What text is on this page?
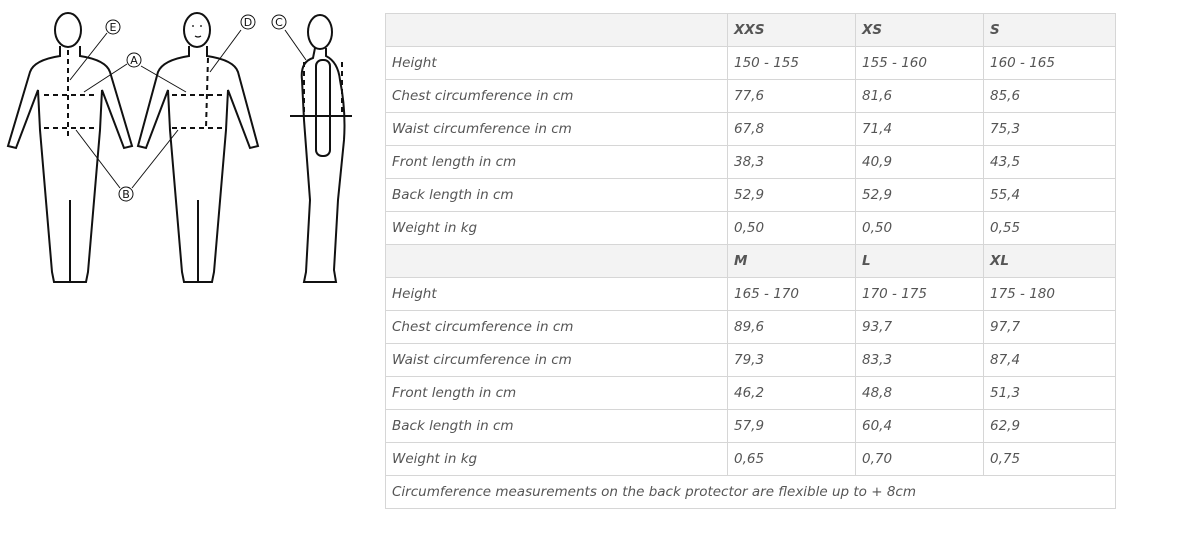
E
A
D C
B
	XXS	XS	S
Height	150 - 155	155 - 160	160 - 165
Chest circumference in cm	77,6	81,6	85,6
Waist circumference in cm	67,8	71,4	75,3
Front length in cm	38,3	40,9	43,5
Back length in cm	52,9	52,9	55,4
Weight in kg	0,50	0,50	0,55
	M	L	XL
Height	165 - 170	170 - 175	175 - 180
Chest circumference in cm	89,6	93,7	97,7
Waist circumference in cm	79,3	83,3	87,4
Front length in cm	46,2	48,8	51,3
Back length in cm	57,9	60,4	62,9
Weight in kg	0,65	0,70	0,75
Circumference measurements on the back protector are flexible up to + 8cm			
